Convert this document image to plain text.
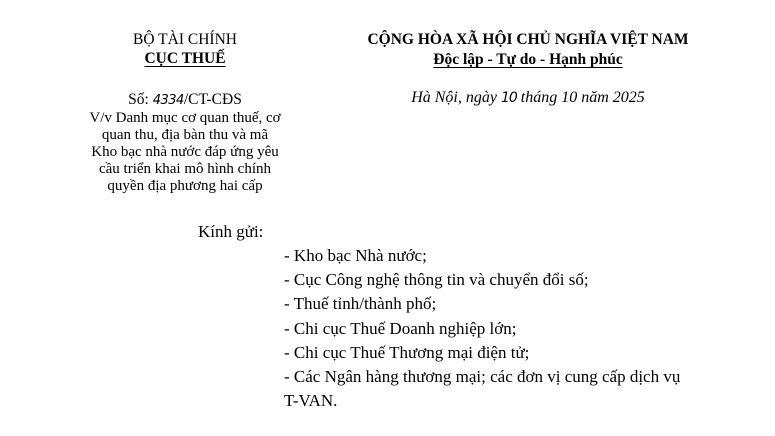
BỘ TÀI CHÍNH
CỤC THUẾ
CỘNG HÒA XÃ HỘI CHỦ NGHĨA VIỆT NAM
Độc lập - Tự do - Hạnh phúc
Số: 4334/CT-CĐS
V/v Danh mục cơ quan thuế, cơ
quan thu, địa bàn thu và mã
Kho bạc nhà nước đáp ứng yêu
cầu triển khai mô hình chính
quyền địa phương hai cấp
Hà Nội, ngày 10 tháng 10 năm 2025
Kính gửi:
- Kho bạc Nhà nước;
- Cục Công nghệ thông tin và chuyển đổi số;
- Thuế tỉnh/thành phố;
- Chi cục Thuế Doanh nghiệp lớn;
- Chi cục Thuế Thương mại điện tử;
- Các Ngân hàng thương mại; các đơn vị cung cấp dịch vụ T-VAN.
